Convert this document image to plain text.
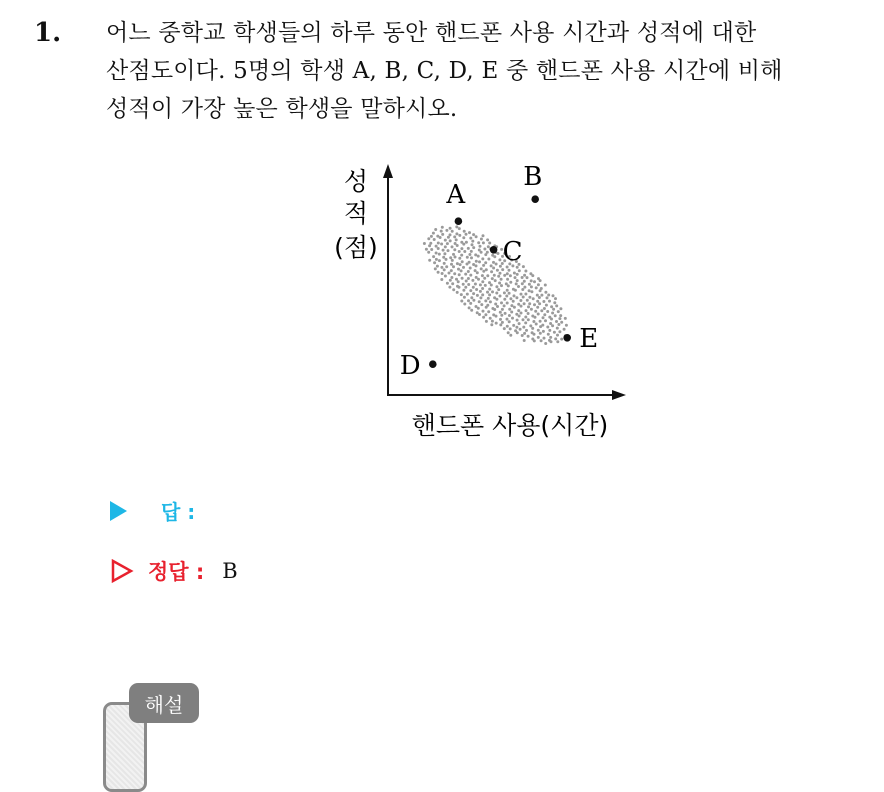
1. 어느 중학교 학생들의 하루 동안 핸드폰 사용 시간과 성적에 대한
산점도이다. 5명의 학생 A, B, C, D, E 중 핸드폰 사용 시간에 비해
성적이 가장 높은 학생을 말하시오.
성
적
(점)
핸드폰 사용(시간)
A
B
C
D
E
답 :
정답 : B
해설
